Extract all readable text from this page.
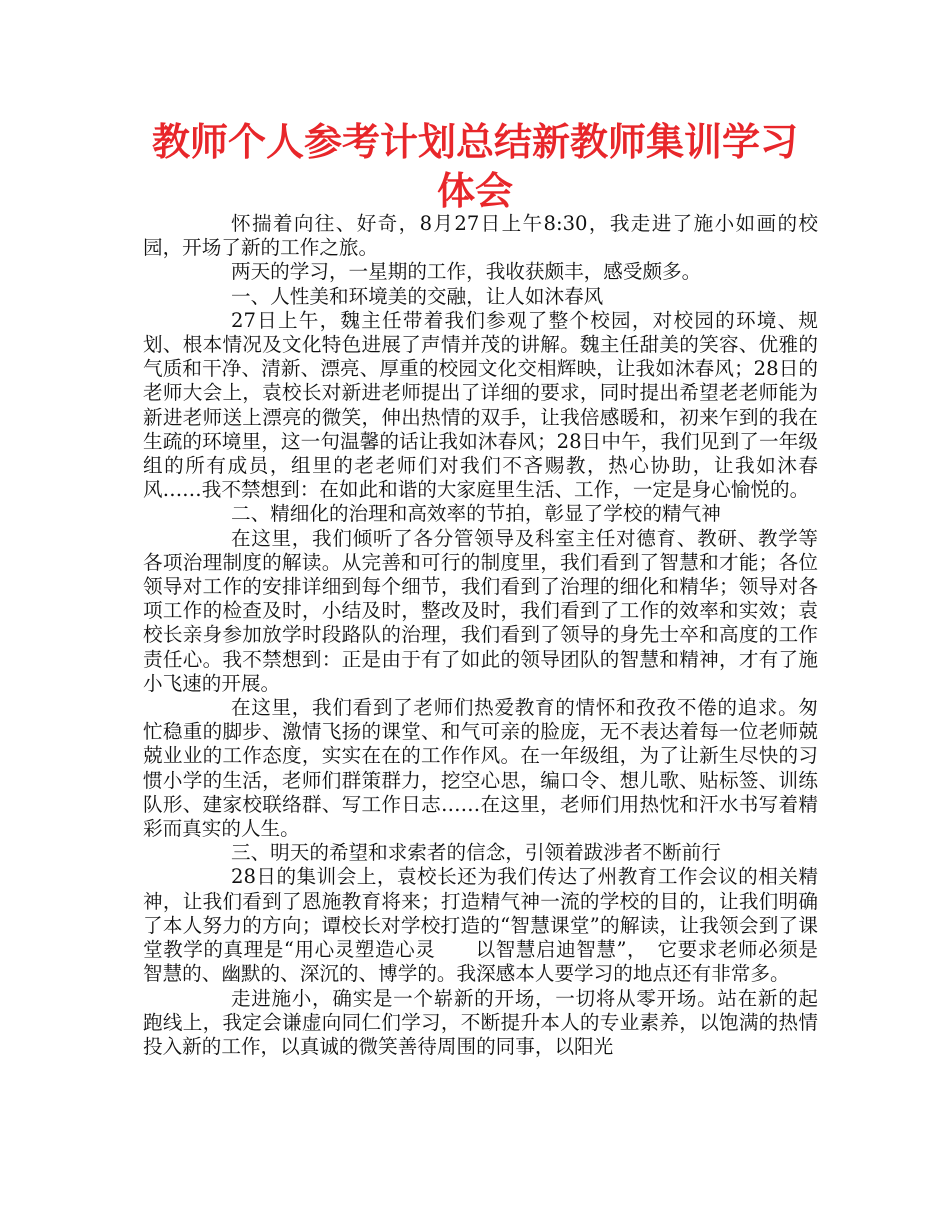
教师个人参考计划总结新教师集训学习体会

怀揣着向往、好奇，8月27日上午8:30，我走进了施小如画的校园，开场了新的工作之旅。

两天的学习，一星期的工作，我收获颇丰，感受颇多。

一、人性美和环境美的交融，让人如沐春风

27日上午，魏主任带着我们参观了整个校园，对校园的环境、规划、根本情况及文化特色进展了声情并茂的讲解。魏主任甜美的笑容、优雅的气质和干净、清新、漂亮、厚重的校园文化交相辉映，让我如沐春风；28日的老师大会上，袁校长对新进老师提出了详细的要求，同时提出希望老老师能为新进老师送上漂亮的微笑，伸出热情的双手，让我倍感暖和，初来乍到的我在生疏的环境里，这一句温馨的话让我如沐春风；28日中午，我们见到了一年级组的所有成员，组里的老老师们对我们不吝赐教，热心协助，让我如沐春风……我不禁想到：在如此和谐的大家庭里生活、工作，一定是身心愉悦的。

二、精细化的治理和高效率的节拍，彰显了学校的精气神

在这里，我们倾听了各分管领导及科室主任对德育、教研、教学等各项治理制度的解读。从完善和可行的制度里，我们看到了智慧和才能；各位领导对工作的安排详细到每个细节，我们看到了治理的细化和精华；领导对各项工作的检查及时，小结及时，整改及时，我们看到了工作的效率和实效；袁校长亲身参加放学时段路队的治理，我们看到了领导的身先士卒和高度的工作责任心。我不禁想到：正是由于有了如此的领导团队的智慧和精神，才有了施小飞速的开展。

在这里，我们看到了老师们热爱教育的情怀和孜孜不倦的追求。匆忙稳重的脚步、激情飞扬的课堂、和气可亲的脸庞，无不表达着每一位老师兢兢业业的工作态度，实实在在的工作作风。在一年级组，为了让新生尽快的习惯小学的生活，老师们群策群力，挖空心思，编口令、想儿歌、贴标签、训练队形、建家校联络群、写工作日志……在这里，老师们用热忱和汗水书写着精彩而真实的人生。

三、明天的希望和求索者的信念，引领着跋涉者不断前行

28日的集训会上，袁校长还为我们传达了州教育工作会议的相关精神，让我们看到了恩施教育将来；打造精气神一流的学校的目的，让我们明确了本人努力的方向；谭校长对学校打造的“智慧课堂”的解读，让我领会到了课堂教学的真理是“用心灵塑造心灵　　以智慧启迪智慧”，　它要求老师必须是智慧的、幽默的、深沉的、博学的。我深感本人要学习的地点还有非常多。

走进施小，确实是一个崭新的开场，一切将从零开场。站在新的起跑线上，我定会谦虚向同仁们学习，不断提升本人的专业素养，以饱满的热情投入新的工作，以真诚的微笑善待周围的同事，以阳光
